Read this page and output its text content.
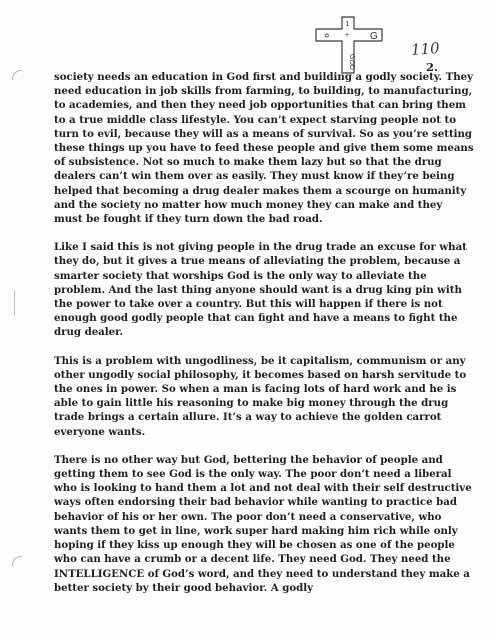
1
+
✡	G
GOD
110
2.

society needs an education in God first and building a godly society. They need education in job skills from farming, to building, to manufacturing, to academies, and then they need job opportunities that can bring them to a true middle class lifestyle. You can’t expect starving people not to turn to evil, because they will as a means of survival. So as you’re setting these things up you have to feed these people and give them some means of subsistence. Not so much to make them lazy but so that the drug dealers can’t win them over as easily. They must know if they’re being helped that becoming a drug dealer makes them a scourge on humanity and the society no matter how much money they can make and they must be fought if they turn down the bad road.

Like I said this is not giving people in the drug trade an excuse for what they do, but it gives a true means of alleviating the problem, because a smarter society that worships God is the only way to alleviate the problem. And the last thing anyone should want is a drug king pin with the power to take over a country. But this will happen if there is not enough good godly people that can fight and have a means to fight the drug dealer.

This is a problem with ungodliness, be it capitalism, communism or any other ungodly social philosophy, it becomes based on harsh servitude to the ones in power. So when a man is facing lots of hard work and he is able to gain little his reasoning to make big money through the drug trade brings a certain allure. It’s a way to achieve the golden carrot everyone wants.

There is no other way but God, bettering the behavior of people and getting them to see God is the only way. The poor don’t need a liberal who is looking to hand them a lot and not deal with their self destructive ways often endorsing their bad behavior while wanting to practice bad behavior of his or her own. The poor don’t need a conservative, who wants them to get in line, work super hard making him rich while only hoping if they kiss up enough they will be chosen as one of the people who can have a crumb or a decent life. They need God. They need the INTELLIGENCE of God’s word, and they need to understand they make a better society by their good behavior. A godly
